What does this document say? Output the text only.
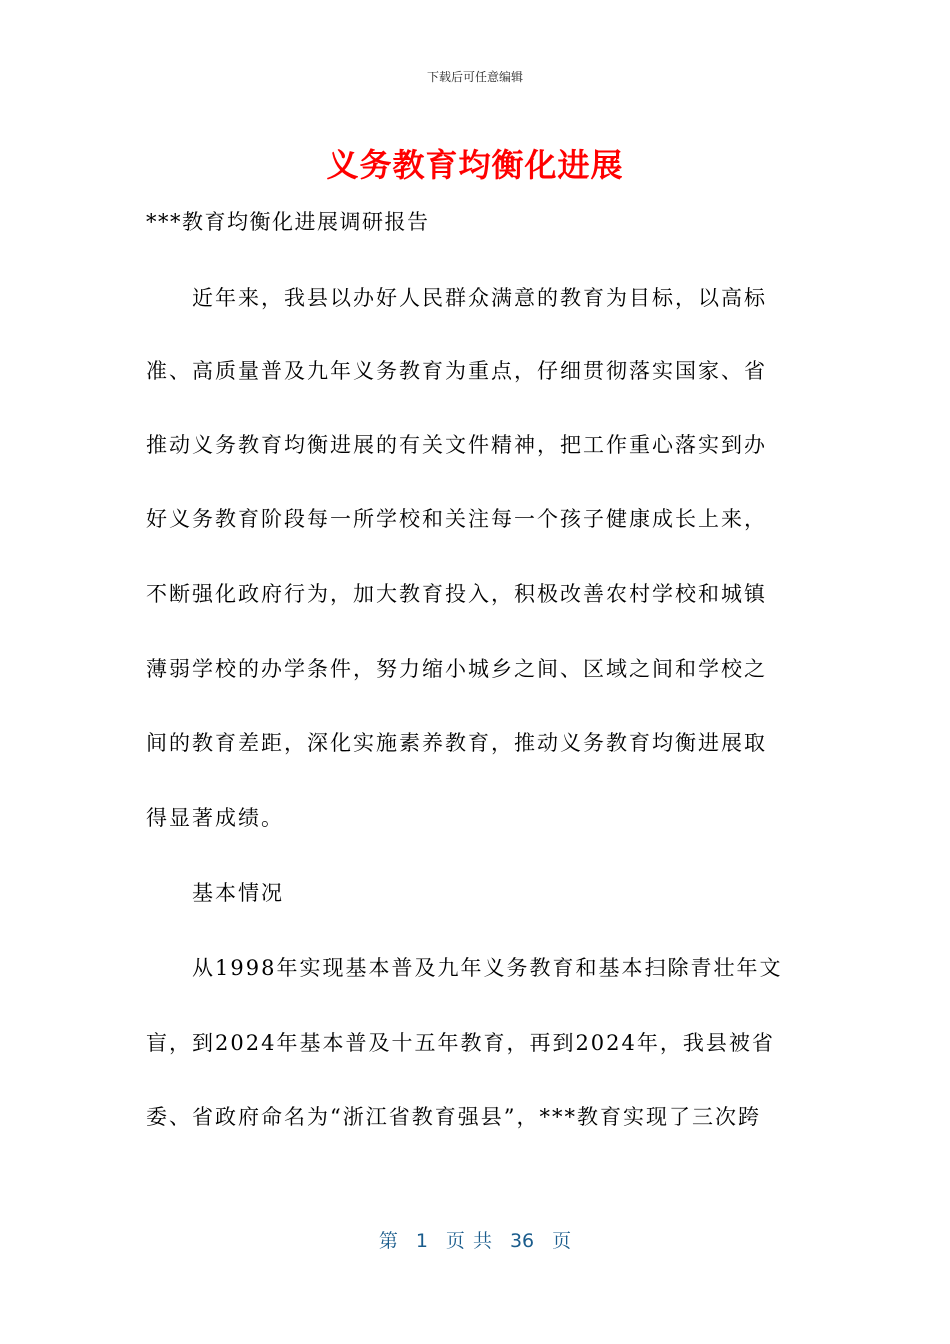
下载后可任意编辑
义务教育均衡化进展
***教育均衡化进展调研报告
近年来，我县以办好人民群众满意的教育为目标，以高标
准、高质量普及九年义务教育为重点，仔细贯彻落实国家、省
推动义务教育均衡进展的有关文件精神，把工作重心落实到办
好义务教育阶段每一所学校和关注每一个孩子健康成长上来，
不断强化政府行为，加大教育投入，积极改善农村学校和城镇
薄弱学校的办学条件，努力缩小城乡之间、区域之间和学校之
间的教育差距，深化实施素养教育，推动义务教育均衡进展取
得显著成绩。
基本情况
从1998年实现基本普及九年义务教育和基本扫除青壮年文
盲，到2024年基本普及十五年教育，再到2024年，我县被省
委、省政府命名为“浙江省教育强县”，***教育实现了三次跨
第 1 页 共 36 页
